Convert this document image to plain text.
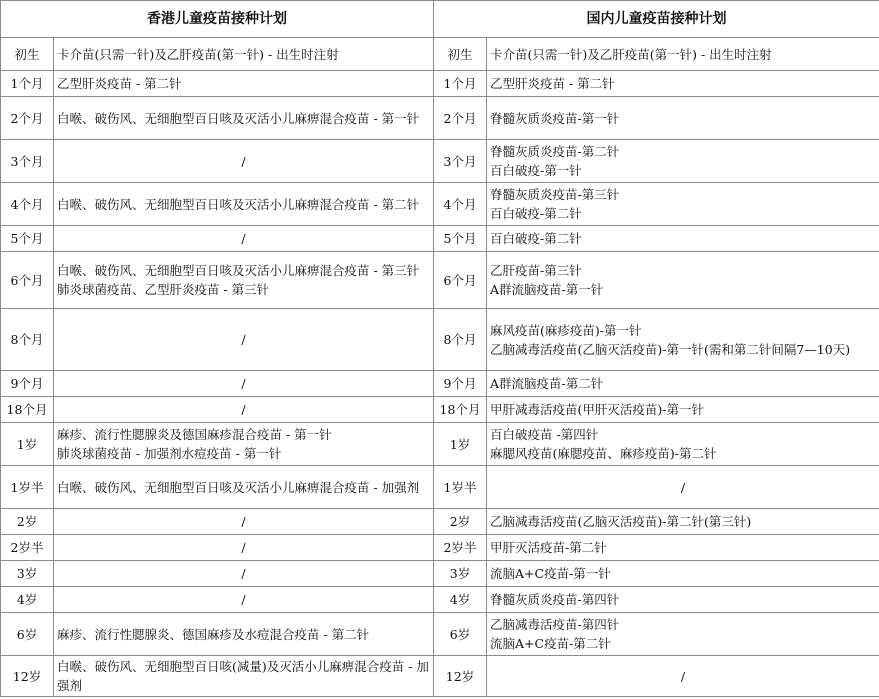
香港儿童疫苗接种计划		国内儿童疫苗接种计划	
初生	卡介苗(只需一针)及乙肝疫苗(第一针) - 出生时注射	初生	卡介苗(只需一针)及乙肝疫苗(第一针) - 出生时注射

1个月	乙型肝炎疫苗 - 第二针	1个月	乙型肝炎疫苗 - 第二针

2个月	白喉、破伤风、无细胞型百日咳及灭活小儿麻痹混合疫苗 - 第一针	2个月	脊髓灰质炎疫苗-第一针

3个月	/	3个月	脊髓灰质炎疫苗-第二针
百白破疫-第一针

4个月	白喉、破伤风、无细胞型百日咳及灭活小儿麻痹混合疫苗 - 第二针	4个月	脊髓灰质炎疫苗-第三针
百白破疫-第二针

5个月	/	5个月	百白破疫-第二针

6个月	白喉、破伤风、无细胞型百日咳及灭活小儿麻痹混合疫苗 - 第三针
肺炎球菌疫苗、乙型肝炎疫苗 - 第三针	6个月	乙肝疫苗-第三针
A群流脑疫苗-第一针

8个月	/	8个月	麻风疫苗(麻疹疫苗)-第一针
乙脑减毒活疫苗(乙脑灭活疫苗)-第一针(需和第二针间隔7—10天)

9个月	/	9个月	A群流脑疫苗-第二针

18个月	/	18个月	甲肝减毒活疫苗(甲肝灭活疫苗)-第一针

1岁	麻疹、流行性腮腺炎及德国麻疹混合疫苗 - 第一针
肺炎球菌疫苗 - 加强剂水痘疫苗 - 第一针	1岁	百白破疫苗 -第四针
麻腮风疫苗(麻腮疫苗、麻疹疫苗)-第二针

1岁半	白喉、破伤风、无细胞型百日咳及灭活小儿麻痹混合疫苗 - 加强剂	1岁半	/

2岁	/	2岁	乙脑减毒活疫苗(乙脑灭活疫苗)-第二针(第三针)

2岁半	/	2岁半	甲肝灭活疫苗-第二针

3岁	/	3岁	流脑A+C疫苗-第一针

4岁	/	4岁	脊髓灰质炎疫苗-第四针

6岁	麻疹、流行性腮腺炎、德国麻疹及水痘混合疫苗 - 第二针	6岁	乙脑减毒活疫苗-第四针
流脑A+C疫苗-第二针

12岁	白喉、破伤风、无细胞型百日咳(减量)及灭活小儿麻痹混合疫苗 - 加强剂	12岁	/
